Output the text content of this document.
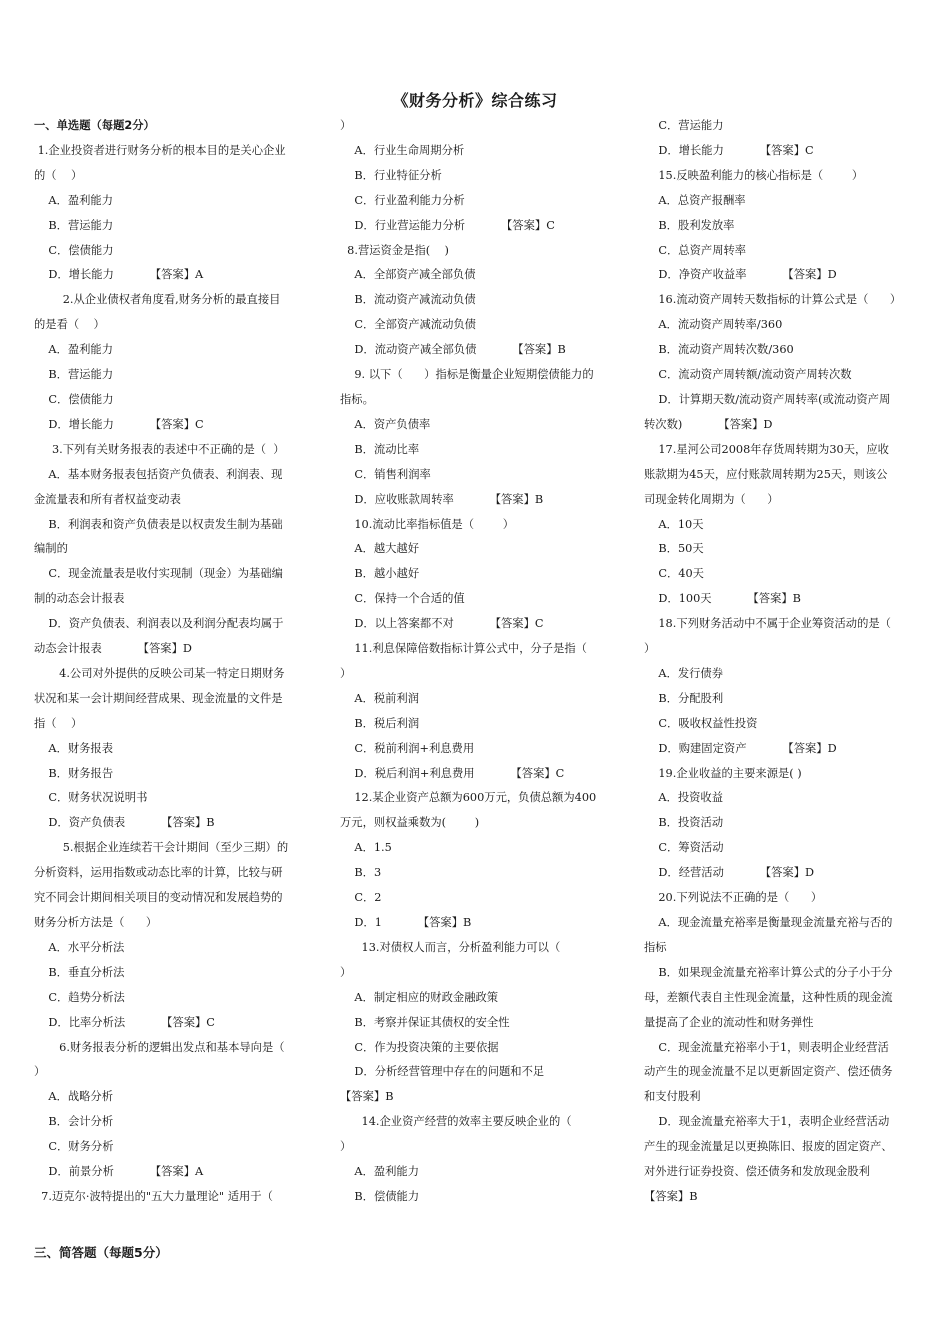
《财务分析》综合练习

一、单选题（每题2分）

1.企业投资者进行财务分析的根本目的是关心企业

的（    ）

A．盈利能力

B．营运能力

C．偿债能力

D．增长能力          【答案】A

2.从企业债权者角度看,财务分析的最直接目

的是看（    ）

A．盈利能力

B．营运能力

C．偿债能力

D．增长能力          【答案】C

3.下列有关财务报表的表述中不正确的是（  ）

A．基本财务报表包括资产负债表、利润表、现

金流量表和所有者权益变动表

B．利润表和资产负债表是以权责发生制为基础

编制的

C．现金流量表是收付实现制（现金）为基础编

制的动态会计报表

D．资产负债表、利润表以及利润分配表均属于

动态会计报表          【答案】D

4.公司对外提供的反映公司某一特定日期财务

状况和某一会计期间经营成果、现金流量的文件是

指（    ）

A．财务报表

B．财务报告

C．财务状况说明书

D．资产负债表          【答案】B

5.根据企业连续若干会计期间（至少三期）的

分析资料，运用指数或动态比率的计算，比较与研

究不同会计期间相关项目的变动情况和发展趋势的

财务分析方法是（      ）

A．水平分析法

B．垂直分析法

C．趋势分析法

D．比率分析法          【答案】C

6.财务报表分析的逻辑出发点和基本导向是（

）

A．战略分析

B．会计分析

C．财务分析

D．前景分析          【答案】A

7.迈克尔·波特提出的"五大力量理论" 适用于（

）

A．行业生命周期分析

B．行业特征分析

C．行业盈利能力分析

D．行业营运能力分析          【答案】C

8.营运资金是指(    )

A．全部资产减全部负债

B．流动资产减流动负债

C．全部资产减流动负债

D．流动资产减全部负债          【答案】B

9. 以下（      ）指标是衡量企业短期偿债能力的

指标。

A．资产负债率

B．流动比率

C．销售利润率

D．应收账款周转率          【答案】B

10.流动比率指标值是（        ）

A．越大越好

B．越小越好

C．保持一个合适的值

D．以上答案都不对          【答案】C

11.利息保障倍数指标计算公式中，分子是指（

）

A．税前利润

B．税后利润

C．税前利润+利息费用

D．税后利润+利息费用          【答案】C

12.某企业资产总额为600万元，负债总额为400

万元，则权益乘数为(        )

A．1.5

B．3

C．2

D．1          【答案】B

13.对债权人而言，分析盈利能力可以（

）

A．制定相应的财政金融政策

B．考察并保证其债权的安全性

C．作为投资决策的主要依据

D．分析经营管理中存在的问题和不足

【答案】B

14.企业资产经营的效率主要反映企业的（

）

A．盈利能力

B．偿债能力

C．营运能力

D．增长能力          【答案】C

15.反映盈利能力的核心指标是（        ）

A．总资产报酬率

B．股利发放率

C．总资产周转率

D．净资产收益率          【答案】D

16.流动资产周转天数指标的计算公式是（      ）

A．流动资产周转率/360

B．流动资产周转次数/360

C．流动资产周转额/流动资产周转次数

D．计算期天数/流动资产周转率(或流动资产周

转次数)          【答案】D

17.星河公司2008年存货周转期为30天，应收

账款期为45天，应付账款周转期为25天，则该公

司现金转化周期为（      ）

A．10天

B．50天

C．40天

D．100天          【答案】B

18.下列财务活动中不属于企业筹资活动的是（

）

A．发行债券

B．分配股利

C．吸收权益性投资

D．购建固定资产          【答案】D

19.企业收益的主要来源是( )

A．投资收益

B．投资活动

C．筹资活动

D．经营活动          【答案】D

20.下列说法不正确的是（      ）

A．现金流量充裕率是衡量现金流量充裕与否的

指标

B．如果现金流量充裕率计算公式的分子小于分

母，差额代表自主性现金流量，这种性质的现金流

量提高了企业的流动性和财务弹性

C．现金流量充裕率小于1，则表明企业经营活

动产生的现金流量不足以更新固定资产、偿还债务

和支付股利

D．现金流量充裕率大于1，表明企业经营活动

产生的现金流量足以更换陈旧、报废的固定资产、

对外进行证券投资、偿还债务和发放现金股利

【答案】B

三、简答题（每题5分）
